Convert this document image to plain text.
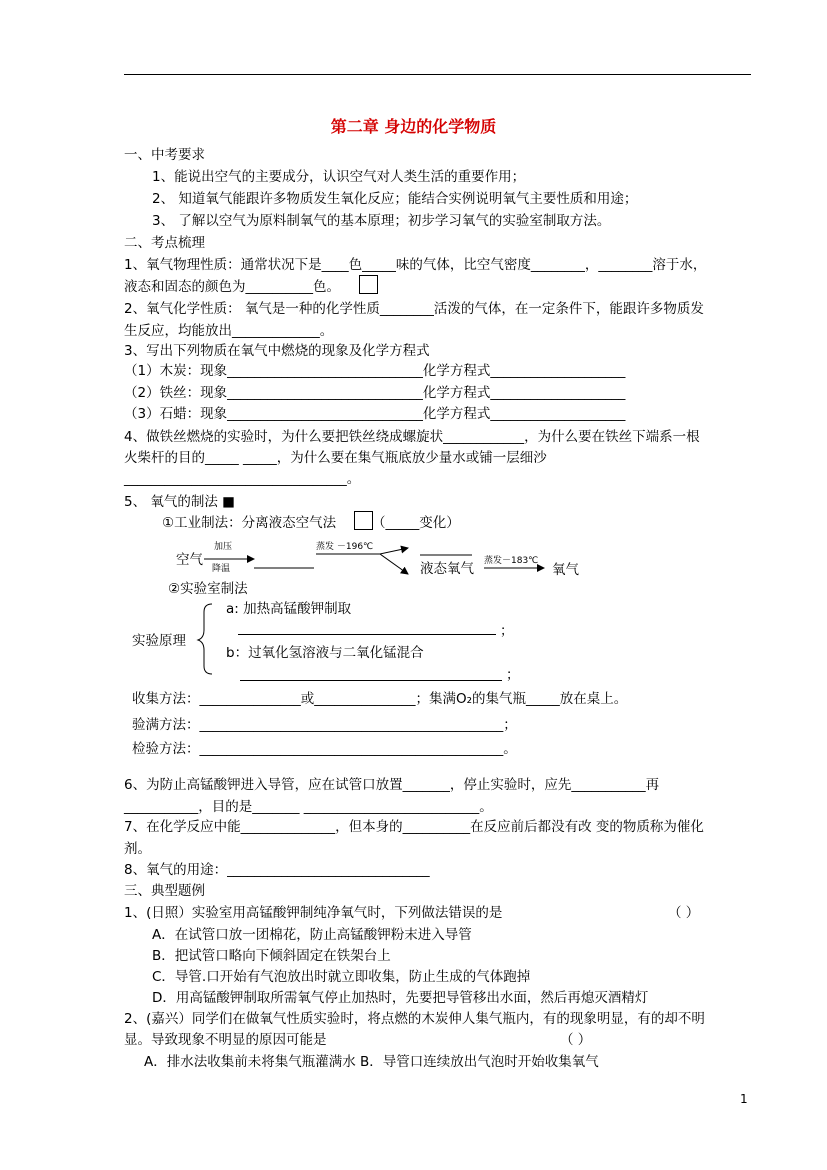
第二章 身边的化学物质
一、中考要求
1、能说出空气的主要成分，认识空气对人类生活的重要作用；
2、 知道氧气能跟许多物质发生氧化反应；能结合实例说明氧气主要性质和用途；
3、 了解以空气为原料制氧气的基本原理；初步学习氧气的实验室制取方法。
二、考点梳理
1、氧气物理性质：通常状况下是____色_____味的气体，比空气密度________，________溶于水，
液态和固态的颜色为__________色。
2、氧气化学性质： 氧气是一种的化学性质________活泼的气体，在一定条件下，能跟许多物质发
生反应，均能放出_____________。
3、写出下列物质在氧气中燃烧的现象及化学方程式
（1）木炭：现象_____________________________化学方程式____________________
（2）铁丝：现象_____________________________化学方程式____________________
（3）石蜡：现象_____________________________化学方程式____________________
4、做铁丝燃烧的实验时，为什么要把铁丝绕成螺旋状____________，为什么要在铁丝下端系一根
火柴杆的目的_____ _____，为什么要在集气瓶底放少量水或铺一层细沙
_________________________________。
5、 氧气的制法 ■
①工业制法：分离液态空气法	（_____变化）
空气
加压
降温
蒸发 －196℃
液态氧气 蒸发－183℃
氧气
②实验室制法
实验原理
a: 加热高锰酸钾制取
；
b：过氧化氢溶液与二氧化锰混合
；
收集方法：_______________或_______________；集满O₂的集气瓶_____放在桌上。
验满方法：_____________________________________________；
检验方法：_____________________________________________。
6、为防止高锰酸钾进入导管，应在试管口放置_______，停止实验时，应先___________再
___________，目的是_______ __________________________。
7、在化学反应中能______________，但本身的__________在反应前后都没有改 变的物质称为催化
剂。
8、氧气的用途：______________________________
三、典型题例
1、(日照）实验室用高锰酸钾制纯净氧气时，下列做法错误的是	（ ）
A．在试管口放一团棉花，防止高锰酸钾粉末进入导管
B．把试管口略向下倾斜固定在铁架台上
C．导管.口开始有气泡放出时就立即收集，防止生成的气体跑掉
D．用高锰酸钾制取所需氧气停止加热时，先要把导管移出水面，然后再熄灭酒精灯
2、(嘉兴）同学们在做氧气性质实验时，将点燃的木炭伸人集气瓶内，有的现象明显，有的却不明
显。导致现象不明显的原因可能是	（ ）
A．排水法收集前未将集气瓶灌满水 B．导管口连续放出气泡时开始收集氧气
1
